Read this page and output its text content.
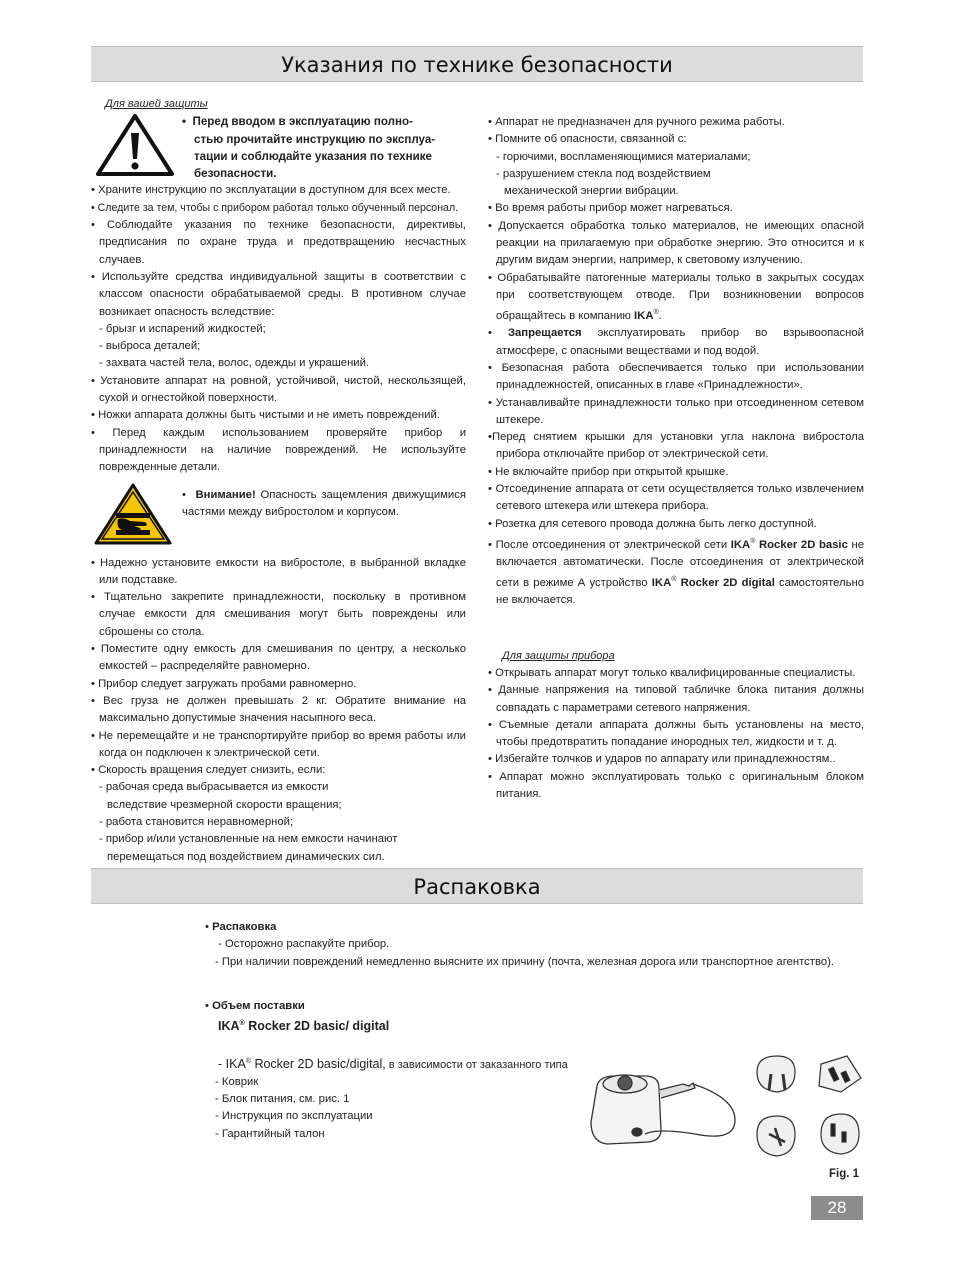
Указания по технике безопасности
Для вашей защиты
•  Перед вводом в эксплуатацию полно-
стью прочитайте инструкцию по эксплуа-
тации и соблюдайте указания по технике
безопасности.
• Храните инструкцию по эксплуатации в доступном для всех месте.
• Следите за тем, чтобы с прибором работал только обученный персонал.
• Соблюдайте указания по технике безопасности, директивы, предписания по охране труда и предотвращению несчастных случаев.
• Используйте средства индивидуальной защиты в соответствии с классом опасности обрабатываемой среды. В противном случае возникает опасность вследствие:
- брызг и испарений жидкостей;
- выброса деталей;
- захвата частей тела, волос, одежды и украшений.
• Установите аппарат на ровной, устойчивой, чистой, нескользящей, сухой и огнестойкой поверхности.
• Ножки аппарата должны быть чистыми и не иметь повреждений.
• Перед каждым использованием проверяйте прибор и принадлежности на наличие повреждений. Не используйте поврежденные детали.
•  Внимание! Опасность защемления движущимися частями между вибростолом и корпусом.
• Надежно установите емкости на вибростоле, в выбранной вкладке или подставке.
• Тщательно закрепите принадлежности, поскольку в противном случае емкости для смешивания могут быть повреждены или сброшены со стола.
• Поместите одну емкость для смешивания по центру, а несколько емкостей – распределяйте равномерно.
• Прибор следует загружать пробами равномерно.
• Вес груза не должен превышать 2 кг. Обратите внимание на максимально допустимые значения насыпного веса.
• Не перемещайте и не транспортируйте прибор во время работы или когда он подключен к электрической сети.
• Скорость вращения следует снизить, если:
- рабочая среда выбрасывается из емкости
вследствие чрезмерной скорости вращения;
- работа становится неравномерной;
- прибор и/или установленные на нем емкости начинают
перемещаться под воздействием динамических сил.
• Аппарат не предназначен для ручного режима работы.
• Помните об опасности, связанной с:
- горючими, воспламеняющимися материалами;
- разрушением стекла под воздействием
механической энергии вибрации.
• Во время работы прибор может нагреваться.
• Допускается обработка только материалов, не имеющих опасной реакции на прилагаемую при обработке энергию. Это относится и к другим видам энергии, например, к световому излучению.
• Обрабатывайте патогенные материалы только в закрытых сосудах при соответствующем отводе. При возникновении вопросов обращайтесь в компанию IKA®.
• Запрещается эксплуатировать прибор во взрывоопасной атмосфере, с опасными веществами и под водой.
• Безопасная работа обеспечивается только при использовании принадлежностей, описанных в главе «Принадлежности».
• Устанавливайте принадлежности только при отсоединенном сетевом штекере.
•Перед снятием крышки для установки угла наклона вибростола прибора отключайте прибор от электрической сети.
• Не включайте прибор при открытой крышке.
• Отсоединение аппарата от сети осуществляется только извлечением сетевого штекера или штекера прибора.
• Розетка для сетевого провода должна быть легко доступной.
• После отсоединения от электрической сети IKA® Rocker 2D basic не включается автоматически. После отсоединения от электрической сети в режиме А устройство IKA® Rocker 2D digital самостоятельно не включается.
Для защиты прибора
• Открывать аппарат могут только квалифицированные специалисты.
• Данные напряжения на типовой табличке блока питания должны совпадать с параметрами сетевого напряжения.
• Съемные детали аппарата должны быть установлены на место, чтобы предотвратить попадание инородных тел, жидкости и т. д.
• Избегайте толчков и ударов по аппарату или принадлежностям..
• Аппарат можно эксплуатировать только с оригинальным блоком питания.
Распаковка
• Распаковка
- Осторожно распакуйте прибор.
- При наличии повреждений немедленно выясните их причину (почта, железная дорога или транспортное агентство).
• Объем поставки
IKA® Rocker 2D basic/ digital
- IKA® Rocker 2D basic/digital, в зависимости от заказанного типа
- Коврик
- Блок питания, см. рис. 1
- Инструкция по эксплуатации
- Гарантийный талон
Fig. 1
28
